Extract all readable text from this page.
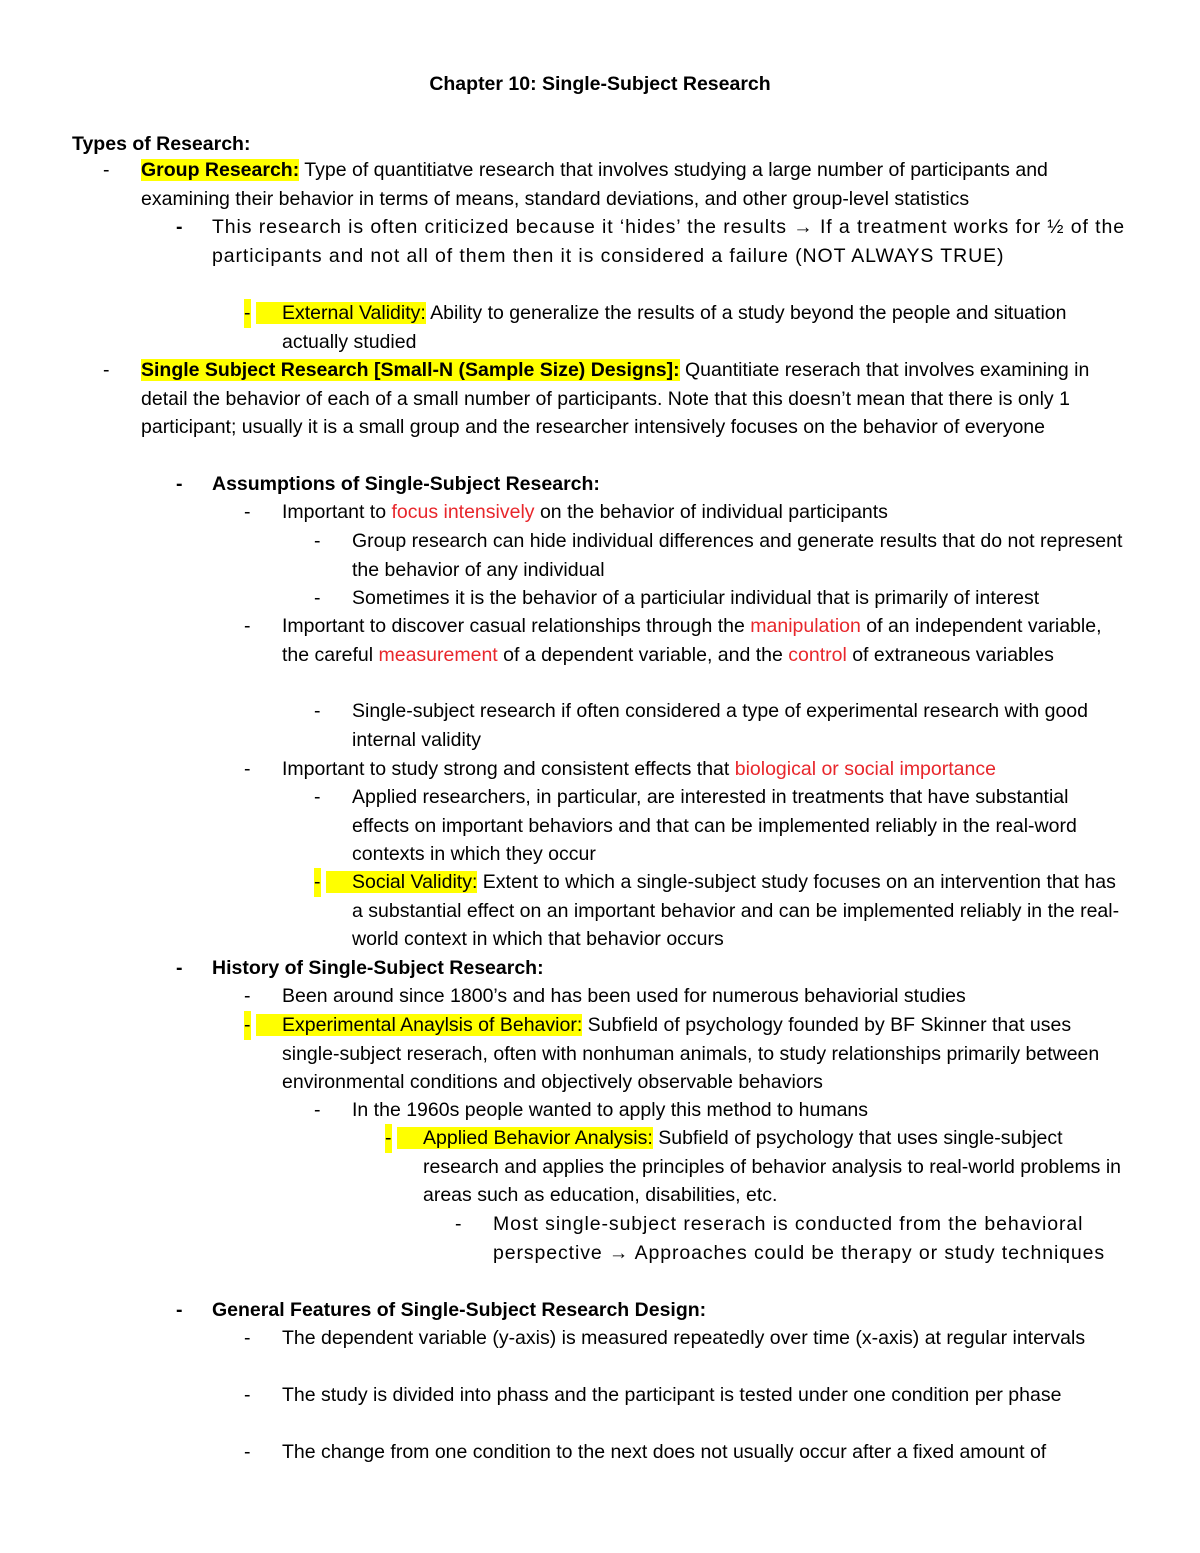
Chapter 10: Single-Subject Research
Types of Research:
- Group Research: Type of quantitiatve research that involves studying a large number of participants and examining their behavior in terms of means, standard deviations, and other group-level statistics
- This research is often criticized because it ‘hides’ the results → If a treatment works for ½ of the participants and not all of them then it is considered a failure (NOT ALWAYS TRUE)
- External Validity: Ability to generalize the results of a study beyond the people and situation actually studied
- Single Subject Research [Small-N (Sample Size) Designs]: Quantitiate reserach that involves examining in detail the behavior of each of a small number of participants. Note that this doesn’t mean that there is only 1 participant; usually it is a small group and the researcher intensively focuses on the behavior of everyone
- Assumptions of Single-Subject Research:
- Important to focus intensively on the behavior of individual participants
- Group research can hide individual differences and generate results that do not represent the behavior of any individual
- Sometimes it is the behavior of a particiular individual that is primarily of interest
- Important to discover casual relationships through the manipulation of an independent variable, the careful measurement of a dependent variable, and the control of extraneous variables
- Single-subject research if often considered a type of experimental research with good internal validity
- Important to study strong and consistent effects that biological or social importance
- Applied researchers, in particular, are interested in treatments that have substantial effects on important behaviors and that can be implemented reliably in the real-word contexts in which they occur
- Social Validity: Extent to which a single-subject study focuses on an intervention that has a substantial effect on an important behavior and can be implemented reliably in the real-world context in which that behavior occurs
- History of Single-Subject Research:
- Been around since 1800’s and has been used for numerous behaviorial studies
- Experimental Anaylsis of Behavior: Subfield of psychology founded by BF Skinner that uses single-subject reserach, often with nonhuman animals, to study relationships primarily between environmental conditions and objectively observable behaviors
- In the 1960s people wanted to apply this method to humans
- Applied Behavior Analysis: Subfield of psychology that uses single-subject research and applies the principles of behavior analysis to real-world problems in areas such as education, disabilities, etc.
- Most single-subject reserach is conducted from the behavioral perspective → Approaches could be therapy or study techniques
- General Features of Single-Subject Research Design:
- The dependent variable (y-axis) is measured repeatedly over time (x-axis) at regular intervals
- The study is divided into phass and the participant is tested under one condition per phase
- The change from one condition to the next does not usually occur after a fixed amount of
